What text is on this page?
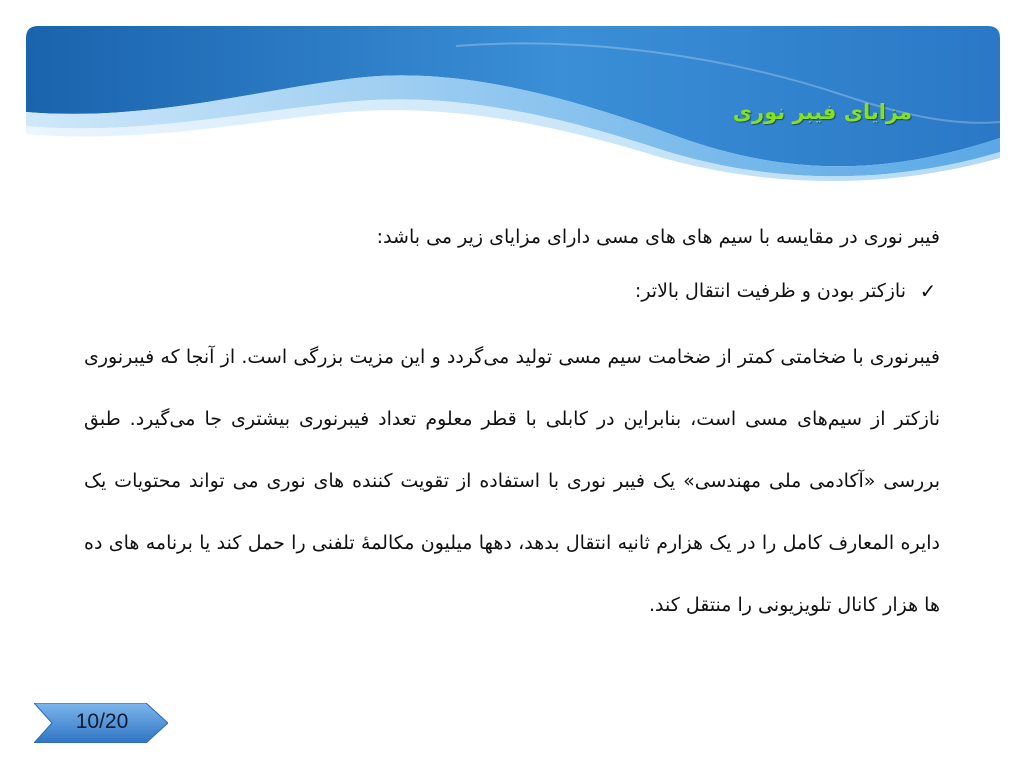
مزایای فیبر نوری

فیبر نوری در مقایسه با سیم های های مسی دارای مزایای زیر می باشد:

✓
نازکتر بودن و ظرفیت انتقال بالاتر:

فیبرنوری با ضخامتی کمتر از ضخامت سیم مسی تولید می‌گردد و این مزیت بزرگی است. از آنجا که فیبرنوری نازکتر از سیم‌های مسی است، بنابراین در کابلی با قطر معلوم تعداد فیبرنوری بیشتری جا می‌گیرد. طبق بررسی «آکادمی ملی مهندسی» یک فیبر نوری با استفاده از تقویت کننده های نوری می تواند محتویات یک دایره المعارف کامل را در یک هزارم ثانیه انتقال بدهد، دهها میلیون مکالمهٔ تلفنی را حمل کند یا برنامه های ده ها هزار کانال تلویزیونی را منتقل کند.

10/20
